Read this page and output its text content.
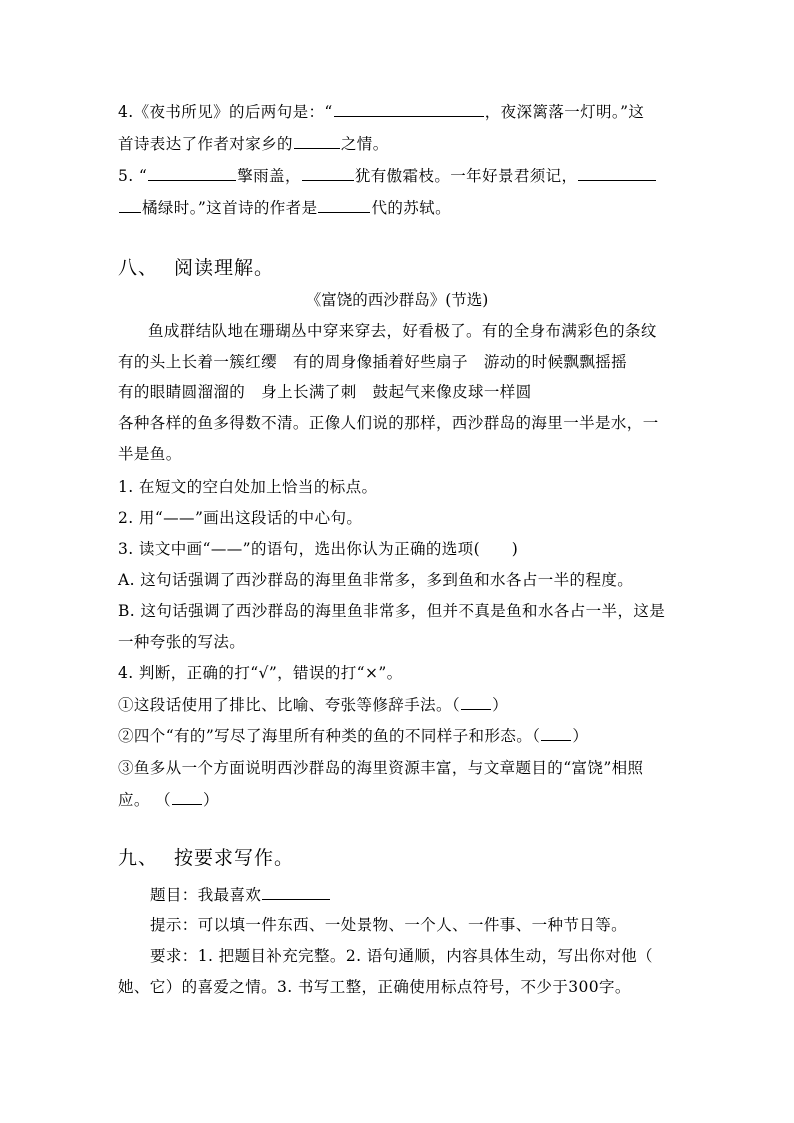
4.《夜书所见》的后两句是：“	，夜深篱落一灯明。”这
首诗表达了作者对家乡的	之情。
5. “	擎雨盖，	犹有傲霜枝。一年好景君须记，
橘绿时。”这首诗的作者是	代的苏轼。
八、 阅读理解。
《富饶的西沙群岛》(节选)
鱼成群结队地在珊瑚丛中穿来穿去，好看极了。有的全身布满彩色的条纹
有的头上长着一簇红缨 有的周身像插着好些扇子 游动的时候飘飘摇摇
有的眼睛圆溜溜的 身上长满了刺 鼓起气来像皮球一样圆
各种各样的鱼多得数不清。正像人们说的那样，西沙群岛的海里一半是水，一
半是鱼。
1. 在短文的空白处加上恰当的标点。
2. 用“——”画出这段话的中心句。
3. 读文中画“——”的语句，选出你认为正确的选项(　　)
A. 这句话强调了西沙群岛的海里鱼非常多，多到鱼和水各占一半的程度。
B. 这句话强调了西沙群岛的海里鱼非常多，但并不真是鱼和水各占一半，这是
一种夸张的写法。
4. 判断，正确的打“√”，错误的打“×”。
①这段话使用了排比、比喻、夸张等修辞手法。（ ）
②四个“有的”写尽了海里所有种类的鱼的不同样子和形态。（ ）
③鱼多从一个方面说明西沙群岛的海里资源丰富，与文章题目的“富饶”相照
应。 （ ）
九、 按要求写作。
题目：我最喜欢
提示：可以填一件东西、一处景物、一个人、一件事、一种节日等。
要求：1. 把题目补充完整。2. 语句通顺，内容具体生动，写出你对他（
她、它）的喜爱之情。3. 书写工整，正确使用标点符号，不少于300字。
